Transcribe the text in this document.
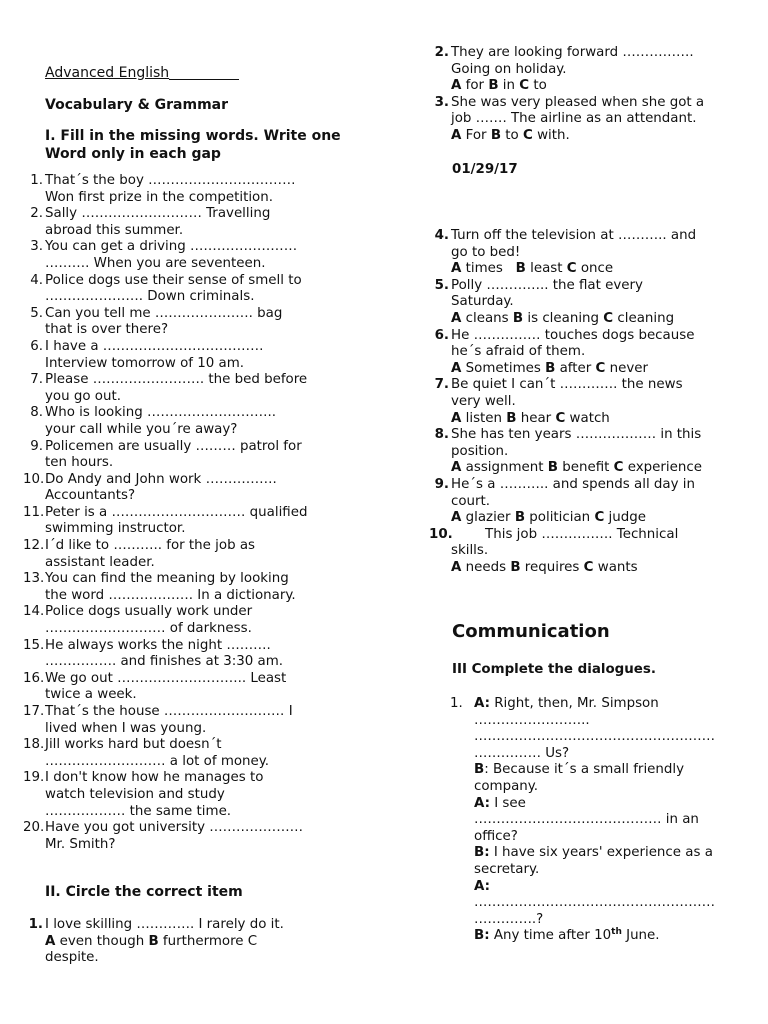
Advanced English
Vocabulary & Grammar
I. Fill in the missing words. Write one
Word only in each gap
1. That´s the boy ……………………………
Won first prize in the competition.
2. Sally ……………………… Travelling
abroad this summer.
3. You can get a driving ……………………
………. When you are seventeen.
4. Police dogs use their sense of smell to
…………………. Down criminals.
5. Can you tell me …………………. bag
that is over there?
6. I have a ………………………………
Interview tomorrow of 10 am.
7. Please ……………………. the bed before
you go out.
8. Who is looking ………………………..
your call while you´re away?
9. Policemen are usually ……… patrol for
ten hours.
10. Do Andy and John work …………….
Accountants?
11. Peter is a ………………………… qualified
swimming instructor.
12. I´d like to ……….. for the job as
assistant leader.
13. You can find the meaning by looking
the word ………………. In a dictionary.
14. Police dogs usually work under
……………………… of darkness.
15. He always works the night ……….
……………. and finishes at 3:30 am.
16. We go out ……………………….. Least
twice a week.
17. That´s the house ……………………… I
lived when I was young.
18. Jill works hard but doesn´t
……………………… a lot of money.
19. I don't know how he manages to
watch television and study
……………… the same time.
20. Have you got university …………………
Mr. Smith?
II. Circle the correct item
1. I love skilling …………. I rarely do it.
A even though B furthermore C
despite.
2. They are looking forward …………….
Going on holiday.
A for B in C to
3. She was very pleased when she got a
job ……. The airline as an attendant.
A For B to C with.
01/29/17
4. Turn off the television at ……….. and
go to bed!
A times   B least C once
5. Polly ………….. the flat every
Saturday.
A cleans B is cleaning C cleaning
6. He …………… touches dogs because
he´s afraid of them.
A Sometimes B after C never
7. Be quiet I can´t …………. the news
very well.
A listen B hear C watch
8. She has ten years ……………… in this
position.
A assignment B benefit C experience
9. He´s a ……….. and spends all day in
court.
A glazier B politician C judge
10.
This job ……………. Technical
skills.
A needs B requires C wants
Communication
III Complete the dialogues.
1. A: Right, then, Mr. Simpson
……………………..
………………………………………………
…………… Us?
B: Because it´s a small friendly
company.
A: I see
…………………………………… in an
office?
B: I have six years' experience as a
secretary.
A:
………………………………………………
…………..?
B: Any time after 10th June.
